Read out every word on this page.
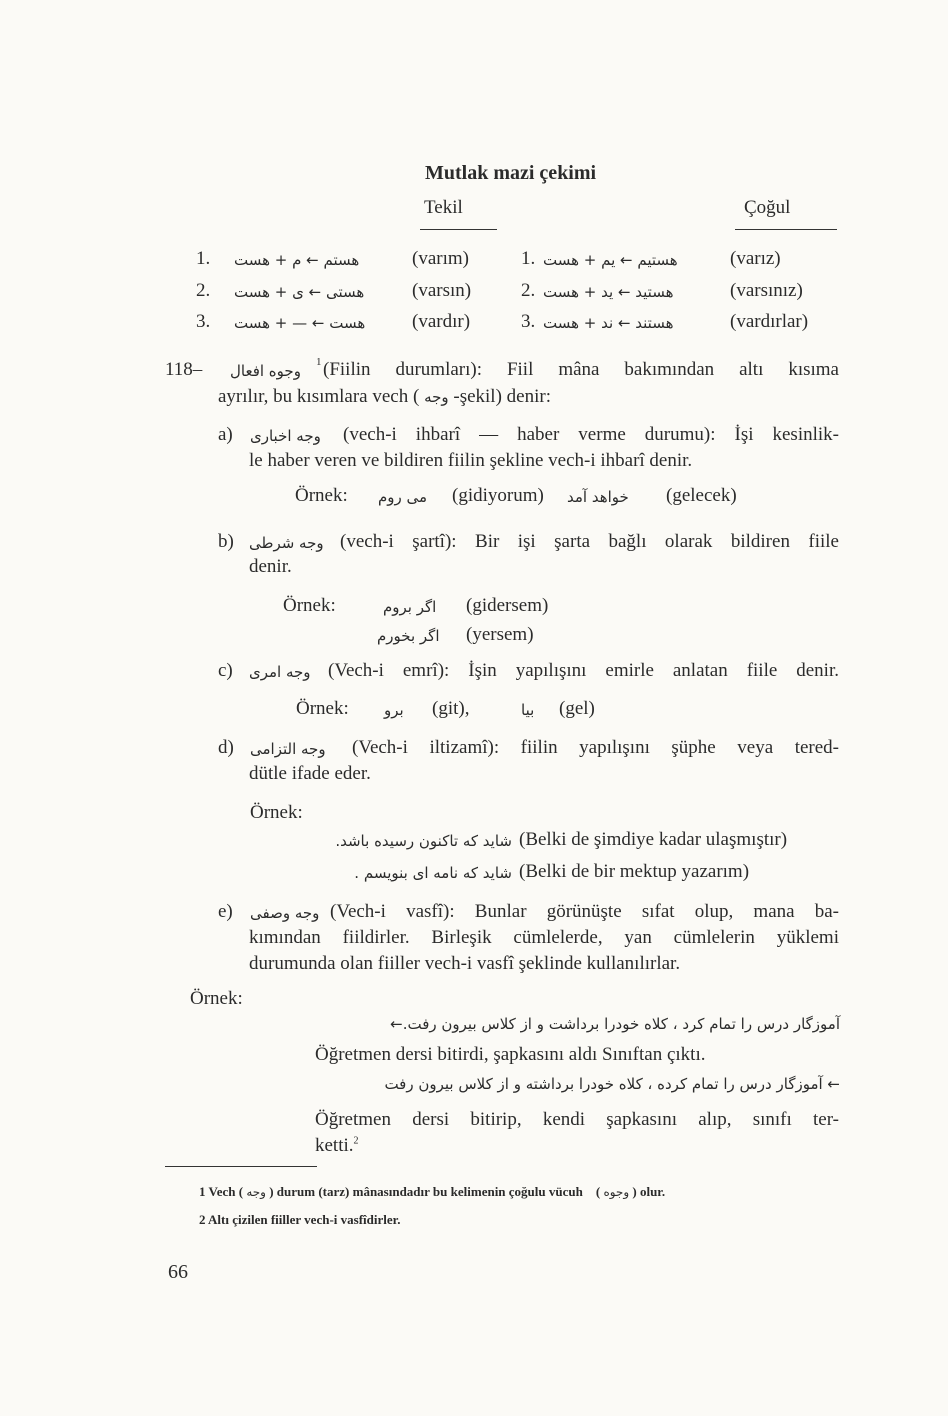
Mutlak mazi çekimi
Tekil	Çoğul
1. هستم ← م + هست	(varım)	1. هستیم ← یم + هست	(varız)
2. هستی ← ی + هست	(varsın)	2. هستید ← ید + هست	(varsınız)
3. هست ← — + هست	(vardır)	3. هستند ← ند + هست	(vardırlar)
118– وجوه افعال 1 (Fiilin durumları): Fiil mâna bakımından altı kısıma
ayrılır, bu kısımlara vech ( وجه -şekil) denir:
a) وجه اخباری (vech-i ihbarî — haber verme durumu): İşi kesinlik-
le haber veren ve bildiren fiilin şekline vech-i ihbarî denir.
Örnek: می روم (gidiyorum) خواهد آمد (gelecek)
b) وجه شرطی (vech-i şartî): Bir işi şarta bağlı olarak bildiren fiile
denir.
Örnek:	اگر بروم (gidersem)
اگر بخورم (yersem)
c) وجه امری (Vech-i emrî): İşin yapılışını emirle anlatan fiile denir.
Örnek: برو (git),	بیا (gel)
d) وجه التزامی (Vech-i iltizamî): fiilin yapılışını şüphe veya tered-
dütle ifade eder.
Örnek:
شاید که تاکنون رسیده باشد. (Belki de şimdiye kadar ulaşmıştır)
شاید که نامه ای بنویسم . (Belki de bir mektup yazarım)
e) وجه وصفی (Vech-i vasfî): Bunlar görünüşte sıfat olup, mana ba-
kımından fiildirler. Birleşik cümlelerde, yan cümlelerin yüklemi
durumunda olan fiiller vech-i vasfî şeklinde kullanılırlar.
Örnek:
آموزگار درس را تمام کرد ، کلاه خودرا برداشت و از کلاس بیرون رفت.←
Öğretmen dersi bitirdi, şapkasını aldı Sınıftan çıktı.
← آموزگار درس را تمام کرده ، کلاه خودرا برداشته و از کلاس بیرون رفت
Öğretmen dersi bitirip, kendi şapkasını alıp, sınıfı ter-
ketti.$^2$
1 Vech ( وجه ) durum (tarz) mânasındadır bu kelimenin çoğulu vücuh ( وجوه ) olur.
2 Altı çizilen fiiller vech-i vasfîdirler.
66
